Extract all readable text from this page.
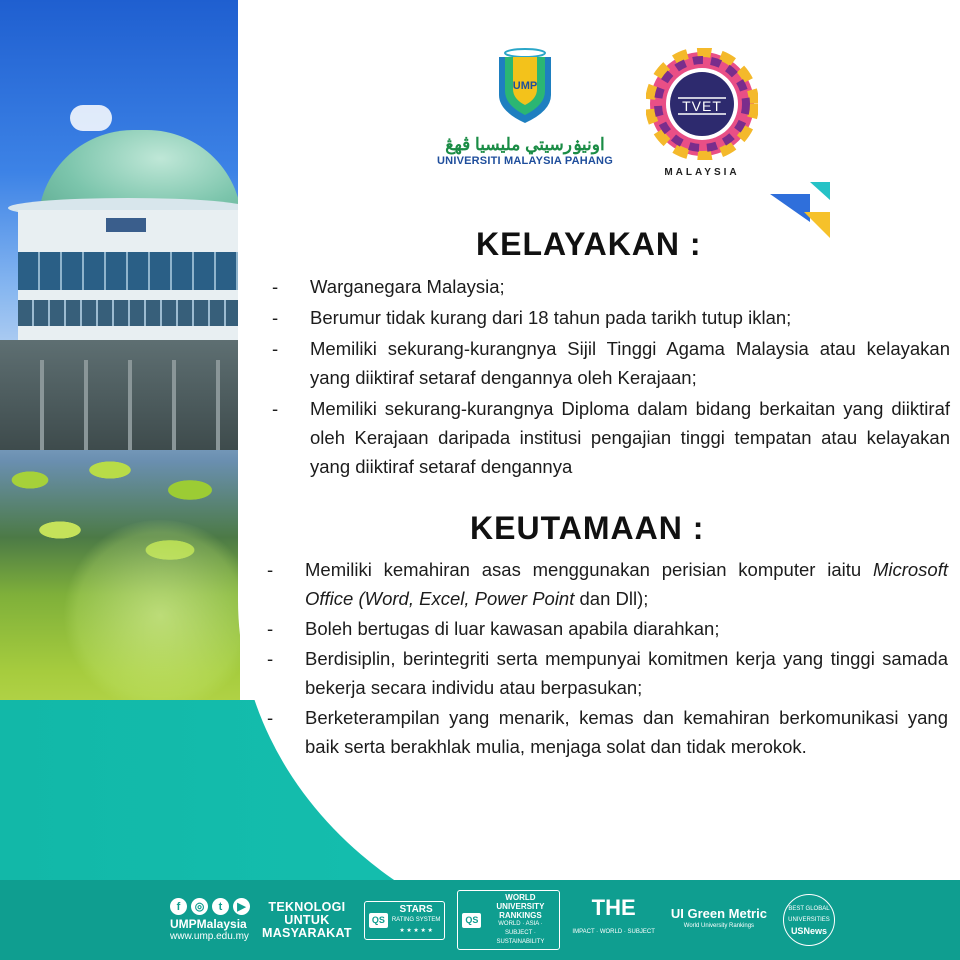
UMP
اونيۏرسيتي مليسيا ڤهڠ
UNIVERSITI MALAYSIA PAHANG
TVET
MALAYSIA
KELAYAKAN :
- Warganegara Malaysia;
- Berumur tidak kurang dari 18 tahun pada tarikh tutup iklan;
- Memiliki sekurang-kurangnya Sijil Tinggi Agama Malaysia atau kelayakan yang diiktiraf setaraf dengannya oleh Kerajaan;
- Memiliki sekurang-kurangnya Diploma dalam bidang berkaitan yang diiktiraf oleh Kerajaan daripada institusi pengajian tinggi tempatan atau kelayakan yang diiktiraf setaraf dengannya
KEUTAMAAN :
- Memiliki kemahiran asas menggunakan perisian komputer iaitu Microsoft Office (Word, Excel, Power Point dan Dll);
- Boleh bertugas di luar kawasan apabila diarahkan;
- Berdisiplin, berintegriti serta mempunyai komitmen kerja yang tinggi samada bekerja secara individu atau berpasukan;
- Berketerampilan yang menarik, kemas dan kemahiran berkomunikasi yang baik serta berakhlak mulia, menjaga solat dan tidak merokok.
f	◎	t	▶
UMPMalaysia
www.ump.edu.my
TEKNOLOGI
UNTUK
MASYARAKAT
QS
STARS
RATING SYSTEM
★ ★ ★ ★ ★
QS
WORLD UNIVERSITY RANKINGS
WORLD · ASIA · SUBJECT · SUSTAINABILITY
THE
IMPACT · WORLD · SUBJECT
UI Green Metric
World University Rankings
BEST GLOBAL UNIVERSITIES
USNews
